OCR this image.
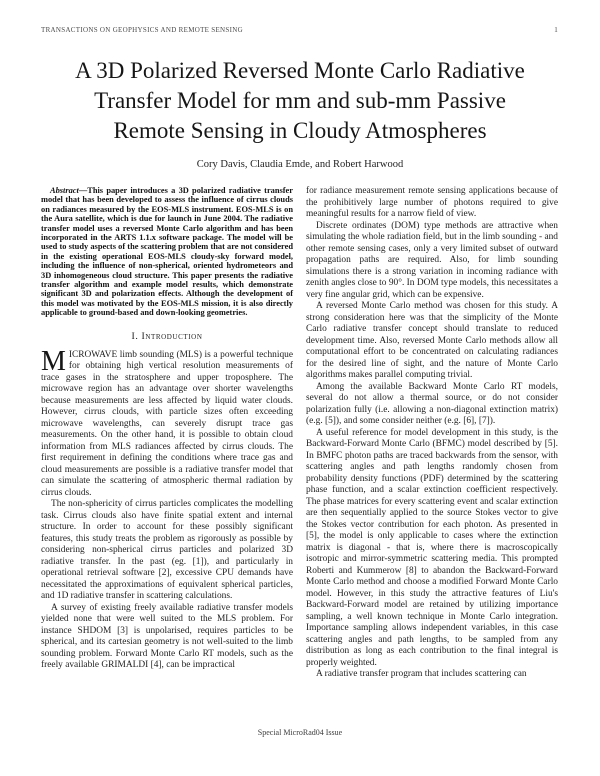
TRANSACTIONS ON GEOPHYSICS AND REMOTE SENSING	1
A 3D Polarized Reversed Monte Carlo Radiative
Transfer Model for mm and sub-mm Passive
Remote Sensing in Cloudy Atmospheres
Cory Davis, Claudia Emde, and Robert Harwood

Abstract—This paper introduces a 3D polarized radiative transfer model that has been developed to assess the influence of cirrus clouds on radiances measured by the EOS-MLS instrument. EOS-MLS is on the Aura satellite, which is due for launch in June 2004. The radiative transfer model uses a reversed Monte Carlo algorithm and has been incorporated in the ARTS 1.1.x software package. The model will be used to study aspects of the scattering problem that are not considered in the existing operational EOS-MLS cloudy-sky forward model, including the influence of non-spherical, oriented hydrometeors and 3D inhomogeneous cloud structure. This paper presents the radiative transfer algorithm and example model results, which demonstrate significant 3D and polarization effects. Although the development of this model was motivated by the EOS-MLS mission, it is also directly applicable to ground-based and down-looking geometries.

I. Introduction

MICROWAVE limb sounding (MLS) is a powerful technique for obtaining high vertical resolution measurements of trace gases in the stratosphere and upper troposphere. The microwave region has an advantage over shorter wavelengths because measurements are less affected by liquid water clouds. However, cirrus clouds, with particle sizes often exceeding microwave wavelengths, can severely disrupt trace gas measurements. On the other hand, it is possible to obtain cloud information from MLS radiances affected by cirrus clouds. The first requirement in defining the conditions where trace gas and cloud measurements are possible is a radiative transfer model that can simulate the scattering of atmospheric thermal radiation by cirrus clouds.

The non-sphericity of cirrus particles complicates the modelling task. Cirrus clouds also have finite spatial extent and internal structure. In order to account for these possibly significant features, this study treats the problem as rigorously as possible by considering non-spherical cirrus particles and polarized 3D radiative transfer. In the past (eg. [1]), and particularly in operational retrieval software [2], excessive CPU demands have necessitated the approximations of equivalent spherical particles, and 1D radiative transfer in scattering calculations.

A survey of existing freely available radiative transfer models yielded none that were well suited to the MLS problem. For instance SHDOM [3] is unpolarised, requires particles to be spherical, and its cartesian geometry is not well-suited to the limb sounding problem. Forward Monte Carlo RT models, such as the freely available GRIMALDI [4], can be impractical

for radiance measurement remote sensing applications because of the prohibitively large number of photons required to give meaningful results for a narrow field of view.

Discrete ordinates (DOM) type methods are attractive when simulating the whole radiation field, but in the limb sounding - and other remote sensing cases, only a very limited subset of outward propagation paths are required. Also, for limb sounding simulations there is a strong variation in incoming radiance with zenith angles close to 90°. In DOM type models, this necessitates a very fine angular grid, which can be expensive.

A reversed Monte Carlo method was chosen for this study. A strong consideration here was that the simplicity of the Monte Carlo radiative transfer concept should translate to reduced development time. Also, reversed Monte Carlo methods allow all computational effort to be concentrated on calculating radiances for the desired line of sight, and the nature of Monte Carlo algorithms makes parallel computing trivial.

Among the available Backward Monte Carlo RT models, several do not allow a thermal source, or do not consider polarization fully (i.e. allowing a non-diagonal extinction matrix) (e.g. [5]), and some consider neither (e.g. [6], [7]).

A useful reference for model development in this study, is the Backward-Forward Monte Carlo (BFMC) model described by [5]. In BMFC photon paths are traced backwards from the sensor, with scattering angles and path lengths randomly chosen from probability density functions (PDF) determined by the scattering phase function, and a scalar extinction coefficient respectively. The phase matrices for every scattering event and scalar extinction are then sequentially applied to the source Stokes vector to give the Stokes vector contribution for each photon. As presented in [5], the model is only applicable to cases where the extinction matrix is diagonal - that is, where there is macroscopically isotropic and mirror-symmetric scattering media. This prompted Roberti and Kummerow [8] to abandon the Backward-Forward Monte Carlo method and choose a modified Forward Monte Carlo model. However, in this study the attractive features of Liu's Backward-Forward model are retained by utilizing importance sampling, a well known technique in Monte Carlo integration. Importance sampling allows independent variables, in this case scattering angles and path lengths, to be sampled from any distribution as long as each contribution to the final integral is properly weighted.

A radiative transfer program that includes scattering can

Special MicroRad04 Issue
